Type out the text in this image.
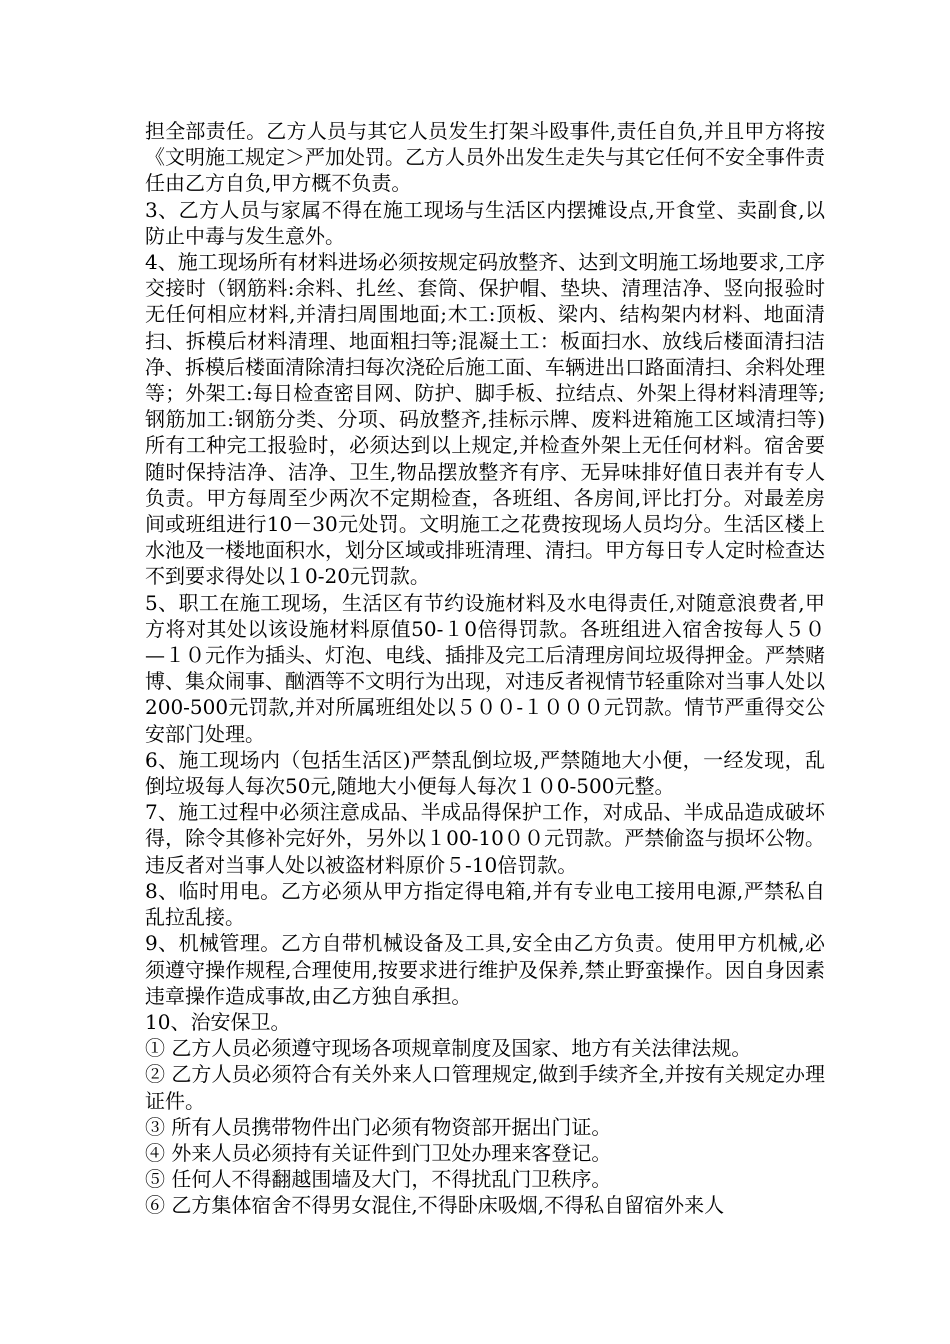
担全部责任。乙方人员与其它人员发生打架斗殴事件,责任自负,并且甲方将按《文明施工规定＞严加处罚。乙方人员外出发生走失与其它任何不安全事件责任由乙方自负,甲方概不负责。

3、乙方人员与家属不得在施工现场与生活区内摆摊设点,开食堂、卖副食,以防止中毒与发生意外。

4、施工现场所有材料进场必须按规定码放整齐、达到文明施工场地要求,工序交接时（钢筋料:余料、扎丝、套筒、保护帽、垫块、清理洁净、竖向报验时无任何相应材料,并清扫周围地面;木工:顶板、梁内、结构架内材料、地面清扫、拆模后材料清理、地面粗扫等;混凝土工：板面扫水、放线后楼面清扫洁净、拆模后楼面清除清扫每次浇砼后施工面、车辆进出口路面清扫、余料处理等；外架工:每日检查密目网、防护、脚手板、拉结点、外架上得材料清理等;钢筋加工:钢筋分类、分项、码放整齐,挂标示牌、废料进箱施工区域清扫等)所有工种完工报验时，必须达到以上规定,并检查外架上无任何材料。宿舍要随时保持洁净、洁净、卫生,物品摆放整齐有序、无异味排好值日表并有专人负责。甲方每周至少两次不定期检查，各班组、各房间,评比打分。对最差房间或班组进行10－30元处罚。文明施工之花费按现场人员均分。生活区楼上水池及一楼地面积水，划分区域或排班清理、清扫。甲方每日专人定时检查达不到要求得处以１0-20元罚款。

5、职工在施工现场，生活区有节约设施材料及水电得责任,对随意浪费者,甲方将对其处以该设施材料原值50-１0倍得罚款。各班组进入宿舍按每人５０—１０元作为插头、灯泡、电线、插排及完工后清理房间垃圾得押金。严禁赌博、集众闹事、酗酒等不文明行为出现，对违反者视情节轻重除对当事人处以200-500元罚款,并对所属班组处以５００-１０００元罚款。情节严重得交公安部门处理。

6、施工现场内（包括生活区)严禁乱倒垃圾,严禁随地大小便，一经发现，乱倒垃圾每人每次50元,随地大小便每人每次１０0-500元整。

7、施工过程中必须注意成品、半成品得保护工作，对成品、半成品造成破坏得，除令其修补完好外，另外以１00-10００元罚款。严禁偷盗与损坏公物。违反者对当事人处以被盗材料原价５-10倍罚款。

8、临时用电。乙方必须从甲方指定得电箱,并有专业电工接用电源,严禁私自乱拉乱接。

9、机械管理。乙方自带机械设备及工具,安全由乙方负责。使用甲方机械,必须遵守操作规程,合理使用,按要求进行维护及保养,禁止野蛮操作。因自身因素违章操作造成事故,由乙方独自承担。

10、治安保卫。

① 乙方人员必须遵守现场各项规章制度及国家、地方有关法律法规。

② 乙方人员必须符合有关外来人口管理规定,做到手续齐全,并按有关规定办理证件。

③ 所有人员携带物件出门必须有物资部开据出门证。

④ 外来人员必须持有关证件到门卫处办理来客登记。

⑤ 任何人不得翻越围墙及大门，不得扰乱门卫秩序。

⑥ 乙方集体宿舍不得男女混住,不得卧床吸烟,不得私自留宿外来人
